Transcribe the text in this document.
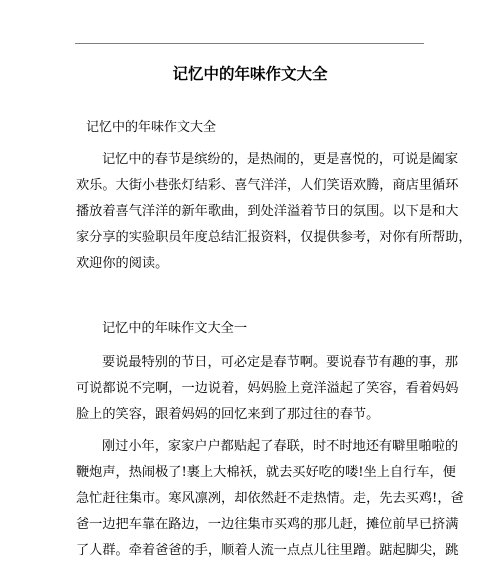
记忆中的年味作文大全
记忆中的年味作文大全
记忆中的春节是缤纷的，是热闹的，更是喜悦的，可说是阖家
欢乐。大街小巷张灯结彩、喜气洋洋，人们笑语欢腾，商店里循环
播放着喜气洋洋的新年歌曲，到处洋溢着节日的氛围。以下是和大
家分享的实验职员年度总结汇报资料，仅提供参考，对你有所帮助，
欢迎你的阅读。
记忆中的年味作文大全一
要说最特别的节日，可必定是春节啊。要说春节有趣的事，那
可说都说不完啊，一边说着，妈妈脸上竟洋溢起了笑容，看着妈妈
脸上的笑容，跟着妈妈的回忆来到了那过往的春节。
刚过小年，家家户户都贴起了春联，时不时地还有噼里啪啦的
鞭炮声，热闹极了!裹上大棉袄，就去买好吃的喽!坐上自行车，便
急忙赶往集市。寒风凛冽，却依然赶不走热情。走，先去买鸡!，爸
爸一边把车靠在路边，一边往集市买鸡的那儿赶，摊位前早已挤满
了人群。牵着爸爸的手，顺着人流一点点儿往里蹭。踮起脚尖，跳
